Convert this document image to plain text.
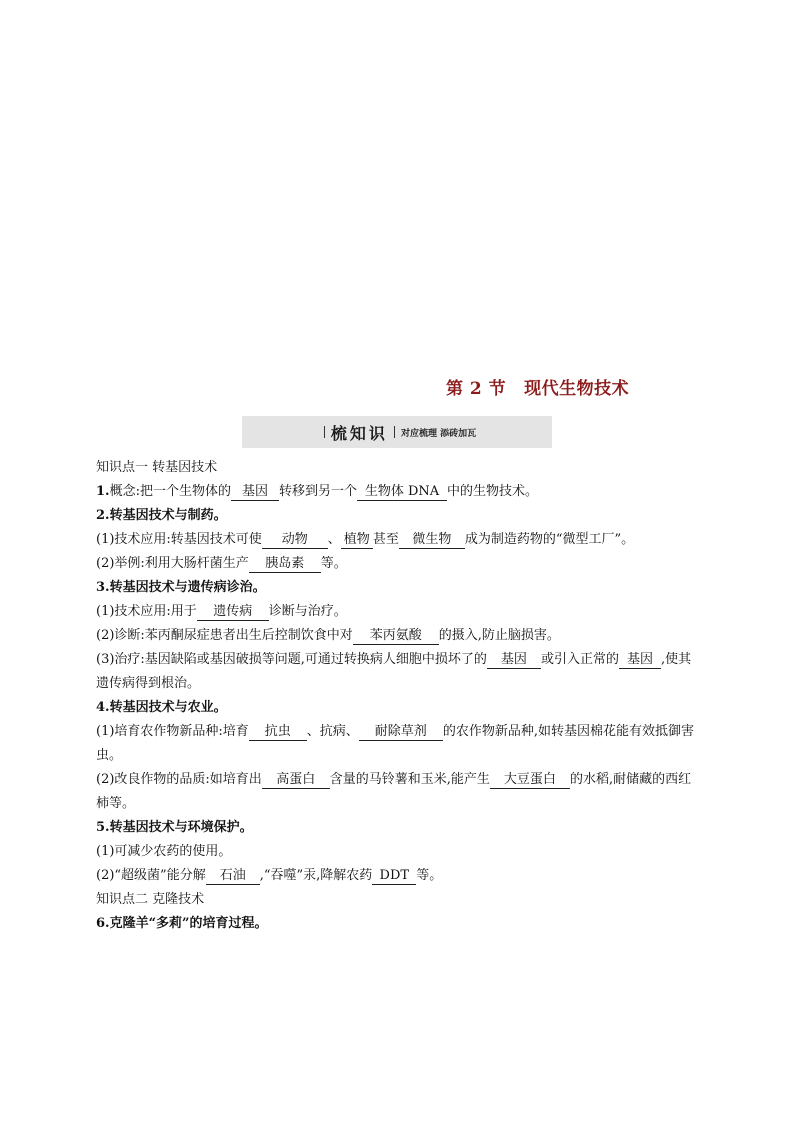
第 2 节 现代生物技术
梳知识 对应梳理 添砖加瓦
知识点一 转基因技术
1.概念:把一个生物体的 基因 转移到另一个 生物体 DNA 中的生物技术。
2.转基因技术与制药。
(1)技术应用:转基因技术可使 动物 、 植物 甚至 微生物 成为制造药物的“微型工厂”。
(2)举例:利用大肠杆菌生产 胰岛素 等。
3.转基因技术与遗传病诊治。
(1)技术应用:用于 遗传病 诊断与治疗。
(2)诊断:苯丙酮尿症患者出生后控制饮食中对 苯丙氨酸 的摄入,防止脑损害。
(3)治疗:基因缺陷或基因破损等问题,可通过转换病人细胞中损坏了的 基因 或引入正常的 基因 ,使其遗传病得到根治。
4.转基因技术与农业。
(1)培育农作物新品种:培育 抗虫 、抗病、 耐除草剂 的农作物新品种,如转基因棉花能有效抵御害虫。
(2)改良作物的品质:如培育出 高蛋白 含量的马铃薯和玉米,能产生 大豆蛋白 的水稻,耐储藏的西红柿等。
5.转基因技术与环境保护。
(1)可减少农药的使用。
(2)“超级菌”能分解 石油 ,“吞噬”汞,降解农药 DDT 等。
知识点二 克隆技术
6.克隆羊“多莉”的培育过程。
